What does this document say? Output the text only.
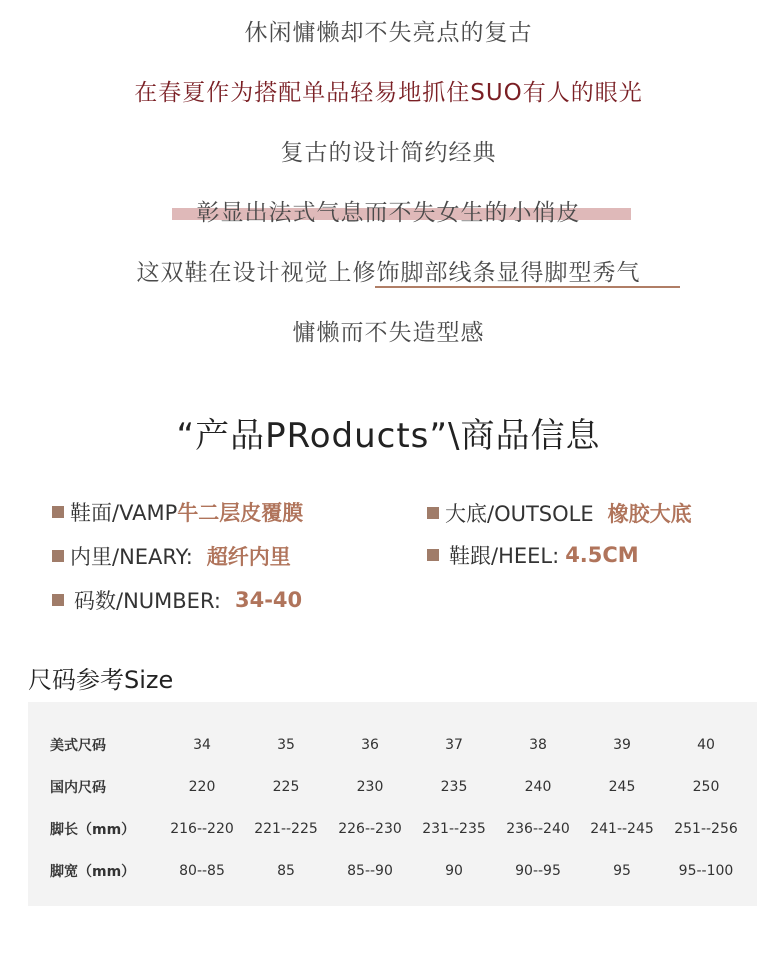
休闲慵懒却不失亮点的复古
在春夏作为搭配单品轻易地抓住SUO有人的眼光
复古的设计简约经典
彰显出法式气息而不失女生的小俏皮
这双鞋在设计视觉上修饰脚部线条显得脚型秀气
慵懒而不失造型感
“产品PRoducts”\商品信息
鞋面/VAMP 牛二层皮覆膜	大底/OUTSOLE 橡胶大底
内里/NEARY: 超纤内里	鞋跟/HEEL: 4.5CM
码数/NUMBER: 34-40
尺码参考Size
美式尺码	34	35	36	37	38	39	40
国内尺码	220	225	230	235	240	245	250
脚长（mm）	216--220	221--225	226--230	231--235	236--240	241--245	251--256
脚宽（mm）	80--85	85	85--90	90	90--95	95	95--100
